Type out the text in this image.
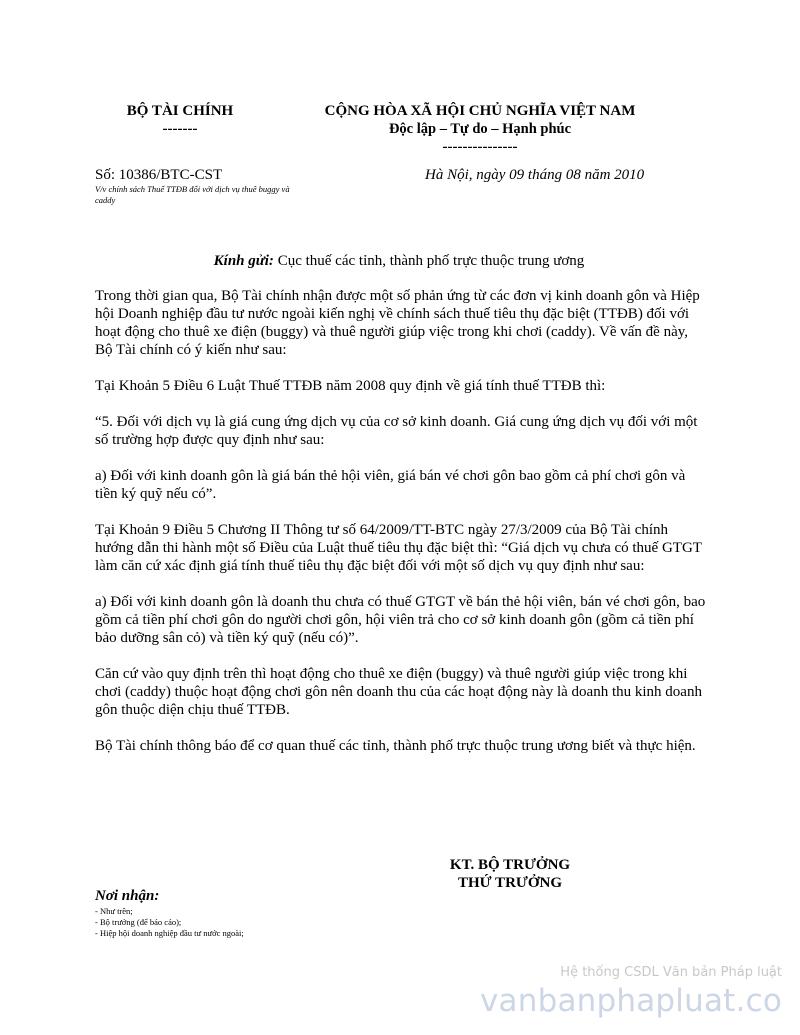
BỘ TÀI CHÍNH
-------
CỘNG HÒA XÃ HỘI CHỦ NGHĨA VIỆT NAM
Độc lập – Tự do – Hạnh phúc
---------------
Số: 10386/BTC-CST
V/v chính sách Thuế TTĐB đối với dịch vụ thuê buggy và caddy
Hà Nội, ngày 09 tháng 08 năm 2010
Kính gửi: Cục thuế các tỉnh, thành phố trực thuộc trung ương

Trong thời gian qua, Bộ Tài chính nhận được một số phản ứng từ các đơn vị kinh doanh gôn và Hiệp hội Doanh nghiệp đầu tư nước ngoài kiến nghị về chính sách thuế tiêu thụ đặc biệt (TTĐB) đối với hoạt động cho thuê xe điện (buggy) và thuê người giúp việc trong khi chơi (caddy). Về vấn đề này, Bộ Tài chính có ý kiến như sau:

Tại Khoản 5 Điều 6 Luật Thuế TTĐB năm 2008 quy định về giá tính thuế TTĐB thì:

“5. Đối với dịch vụ là giá cung ứng dịch vụ của cơ sở kinh doanh. Giá cung ứng dịch vụ đối với một số trường hợp được quy định như sau:

a) Đối với kinh doanh gôn là giá bán thẻ hội viên, giá bán vé chơi gôn bao gồm cả phí chơi gôn và tiền ký quỹ nếu có”.

Tại Khoản 9 Điều 5 Chương II Thông tư số 64/2009/TT-BTC ngày 27/3/2009 của Bộ Tài chính hướng dẫn thi hành một số Điều của Luật thuế tiêu thụ đặc biệt thì: “Giá dịch vụ chưa có thuế GTGT làm căn cứ xác định giá tính thuế tiêu thụ đặc biệt đối với một số dịch vụ quy định như sau:

a) Đối với kinh doanh gôn là doanh thu chưa có thuế GTGT về bán thẻ hội viên, bán vé chơi gôn, bao gồm cả tiền phí chơi gôn do người chơi gôn, hội viên trả cho cơ sở kinh doanh gôn (gồm cả tiền phí bảo dưỡng sân cỏ) và tiền ký quỹ (nếu có)”.

Căn cứ vào quy định trên thì hoạt động cho thuê xe điện (buggy) và thuê người giúp việc trong khi chơi (caddy) thuộc hoạt động chơi gôn nên doanh thu của các hoạt động này là doanh thu kinh doanh gôn thuộc diện chịu thuế TTĐB.

Bộ Tài chính thông báo để cơ quan thuế các tỉnh, thành phố trực thuộc trung ương biết và thực hiện.

KT. BỘ TRƯỞNG
THỨ TRƯỞNG
Nơi nhận:
- Như trên;
- Bộ trưởng (để báo cáo);
- Hiệp hội doanh nghiệp đầu tư nước ngoài;
Hệ thống CSDL Văn bản Pháp luật
vanbanphapluat.co
